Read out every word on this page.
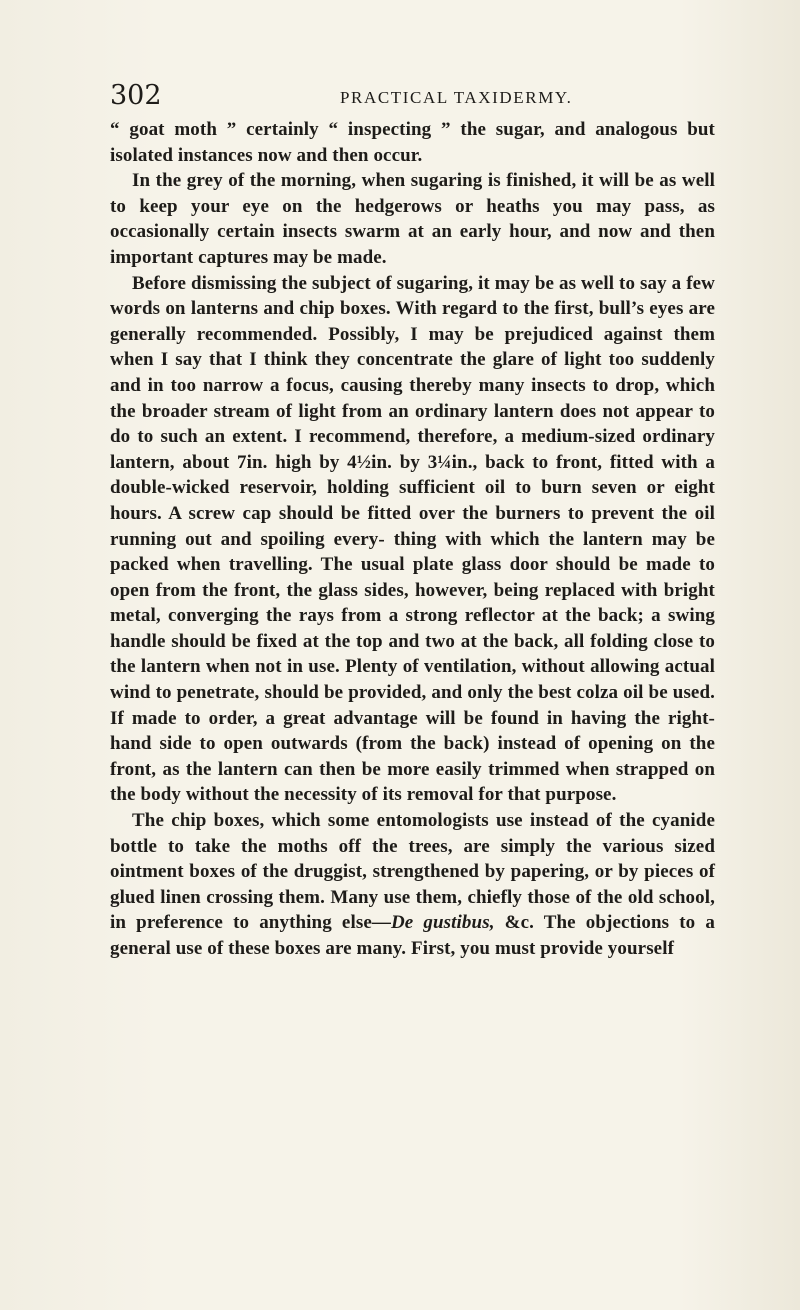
302	PRACTICAL TAXIDERMY.

“ goat moth ” certainly “ inspecting ” the sugar, and analogous but isolated instances now and then occur.

In the grey of the morning, when sugaring is finished, it will be as well to keep your eye on the hedgerows or heaths you may pass, as occasionally certain insects swarm at an early hour, and now and then important captures may be made.

Before dismissing the subject of sugaring, it may be as well to say a few words on lanterns and chip boxes. With regard to the first, bull’s eyes are generally recommended. Possibly, I may be prejudiced against them when I say that I think they concentrate the glare of light too suddenly and in too narrow a focus, causing thereby many insects to drop, which the broader stream of light from an ordinary lantern does not appear to do to such an extent. I recommend, therefore, a medium-sized ordinary lantern, about 7in. high by 4½in. by 3¼in., back to front, fitted with a double-wicked reservoir, holding sufficient oil to burn seven or eight hours. A screw cap should be fitted over the burners to prevent the oil running out and spoiling every- thing with which the lantern may be packed when travelling. The usual plate glass door should be made to open from the front, the glass sides, however, being replaced with bright metal, converging the rays from a strong reflector at the back; a swing handle should be fixed at the top and two at the back, all folding close to the lantern when not in use. Plenty of ventilation, without allowing actual wind to penetrate, should be provided, and only the best colza oil be used. If made to order, a great advantage will be found in having the right-hand side to open outwards (from the back) instead of opening on the front, as the lantern can then be more easily trimmed when strapped on the body without the necessity of its removal for that purpose.

The chip boxes, which some entomologists use instead of the cyanide bottle to take the moths off the trees, are simply the various sized ointment boxes of the druggist, strengthened by papering, or by pieces of glued linen crossing them. Many use them, chiefly those of the old school, in preference to anything else—De gustibus, &c. The objections to a general use of these boxes are many. First, you must provide yourself
